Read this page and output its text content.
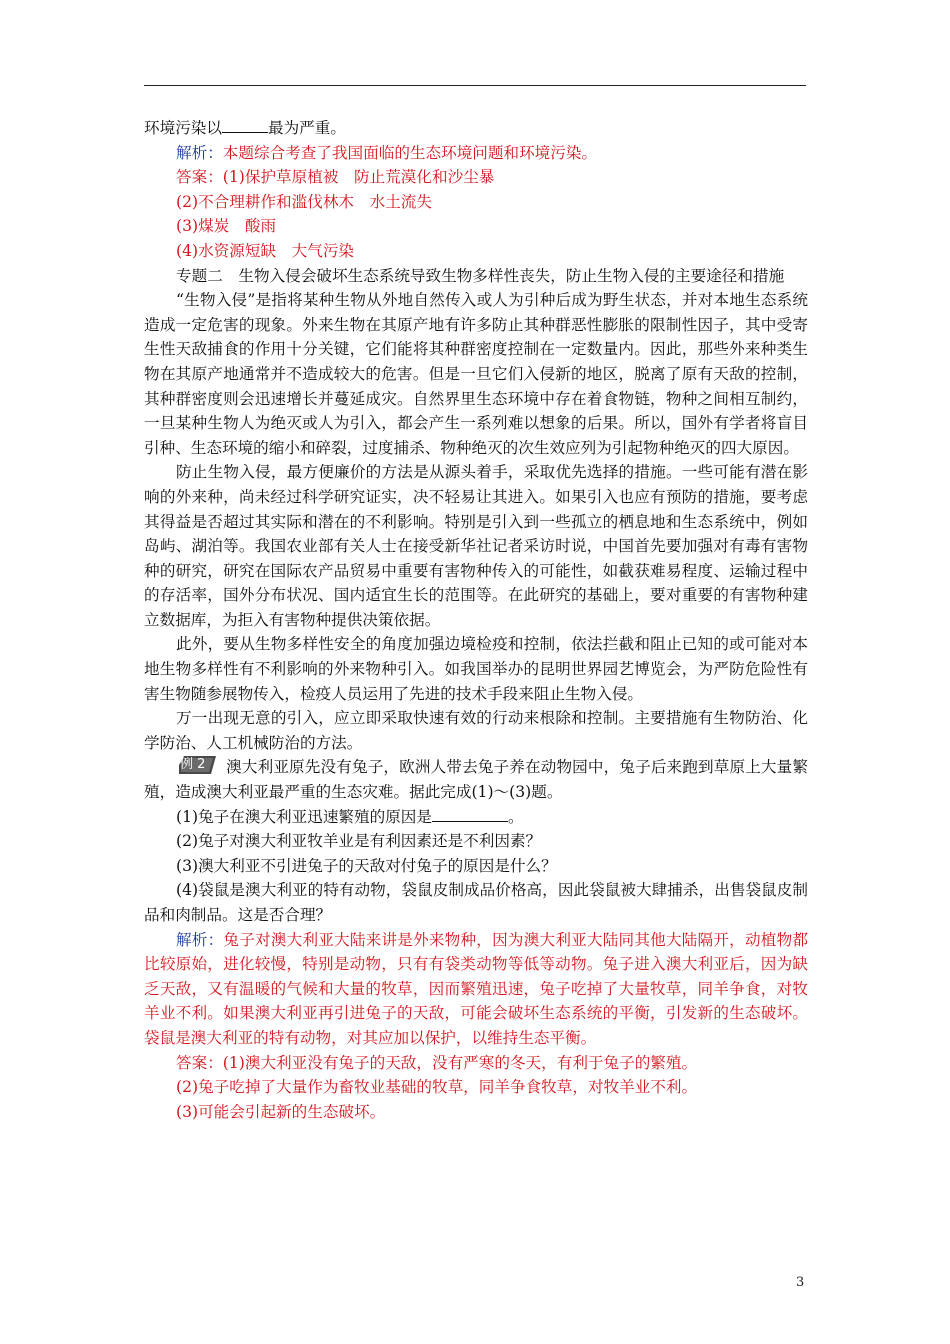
环境污染以	最为严重。
解析：本题综合考查了我国面临的生态环境问题和环境污染。
答案：(1)保护草原植被　防止荒漠化和沙尘暴
(2)不合理耕作和滥伐林木　水土流失
(3)煤炭　酸雨
(4)水资源短缺　大气污染
专题二　生物入侵会破坏生态系统导致生物多样性丧失，防止生物入侵的主要途径和措施
“生物入侵”是指将某种生物从外地自然传入或人为引种后成为野生状态，并对本地生态系统造成一定危害的现象。外来生物在其原产地有许多防止其种群恶性膨胀的限制性因子，其中受寄生性天敌捕食的作用十分关键，它们能将其种群密度控制在一定数量内。因此，那些外来种类生物在其原产地通常并不造成较大的危害。但是一旦它们入侵新的地区，脱离了原有天敌的控制，其种群密度则会迅速增长并蔓延成灾。自然界里生态环境中存在着食物链，物种之间相互制约，一旦某种生物人为绝灭或人为引入，都会产生一系列难以想象的后果。所以，国外有学者将盲目引种、生态环境的缩小和碎裂，过度捕杀、物种绝灭的次生效应列为引起物种绝灭的四大原因。
防止生物入侵，最方便廉价的方法是从源头着手，采取优先选择的措施。一些可能有潜在影响的外来种，尚未经过科学研究证实，决不轻易让其进入。如果引入也应有预防的措施，要考虑其得益是否超过其实际和潜在的不利影响。特别是引入到一些孤立的栖息地和生态系统中，例如岛屿、湖泊等。我国农业部有关人士在接受新华社记者采访时说，中国首先要加强对有毒有害物种的研究，研究在国际农产品贸易中重要有害物种传入的可能性，如截获难易程度、运输过程中的存活率，国外分布状况、国内适宜生长的范围等。在此研究的基础上，要对重要的有害物种建立数据库，为拒入有害物种提供决策依据。
此外，要从生物多样性安全的角度加强边境检疫和控制，依法拦截和阻止已知的或可能对本地生物多样性有不利影响的外来物种引入。如我国举办的昆明世界园艺博览会，为严防危险性有害生物随参展物传入，检疫人员运用了先进的技术手段来阻止生物入侵。
万一出现无意的引入，应立即采取快速有效的行动来根除和控制。主要措施有生物防治、化学防治、人工机械防治的方法。
例 2	澳大利亚原先没有兔子，欧洲人带去兔子养在动物园中，兔子后来跑到草原上大量繁殖，造成澳大利亚最严重的生态灾难。据此完成(1)～(3)题。
(1)兔子在澳大利亚迅速繁殖的原因是	。
(2)兔子对澳大利亚牧羊业是有利因素还是不利因素？
(3)澳大利亚不引进兔子的天敌对付兔子的原因是什么？
(4)袋鼠是澳大利亚的特有动物，袋鼠皮制成品价格高，因此袋鼠被大肆捕杀，出售袋鼠皮制品和肉制品。这是否合理？
解析：兔子对澳大利亚大陆来讲是外来物种，因为澳大利亚大陆同其他大陆隔开，动植物都比较原始，进化较慢，特别是动物，只有有袋类动物等低等动物。兔子进入澳大利亚后，因为缺乏天敌，又有温暖的气候和大量的牧草，因而繁殖迅速，兔子吃掉了大量牧草，同羊争食，对牧羊业不利。如果澳大利亚再引进兔子的天敌，可能会破坏生态系统的平衡，引发新的生态破坏。袋鼠是澳大利亚的特有动物，对其应加以保护，以维持生态平衡。
答案：(1)澳大利亚没有兔子的天敌，没有严寒的冬天，有利于兔子的繁殖。
(2)兔子吃掉了大量作为畜牧业基础的牧草，同羊争食牧草，对牧羊业不利。
(3)可能会引起新的生态破坏。
3
